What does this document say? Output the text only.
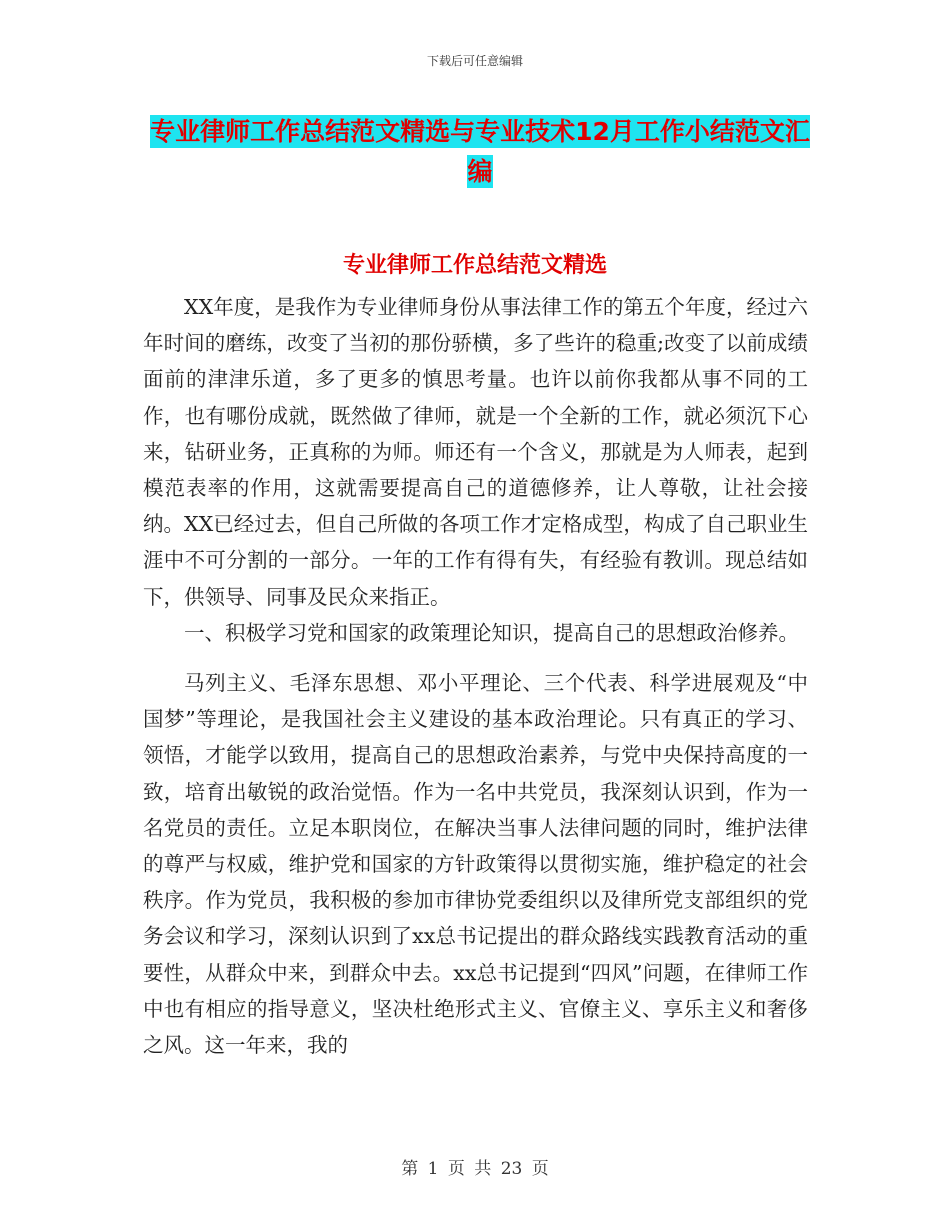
下载后可任意编辑
专业律师工作总结范文精选与专业技术12月工作小结范文汇编
专业律师工作总结范文精选

XX年度，是我作为专业律师身份从事法律工作的第五个年度，经过六年时间的磨练，改变了当初的那份骄横，多了些许的稳重;改变了以前成绩面前的津津乐道，多了更多的慎思考量。也许以前你我都从事不同的工作，也有哪份成就，既然做了律师，就是一个全新的工作，就必须沉下心来，钻研业务，正真称的为师。师还有一个含义，那就是为人师表，起到模范表率的作用，这就需要提高自己的道德修养，让人尊敬，让社会接纳。XX已经过去，但自己所做的各项工作才定格成型，构成了自己职业生涯中不可分割的一部分。一年的工作有得有失，有经验有教训。现总结如下，供领导、同事及民众来指正。

一、积极学习党和国家的政策理论知识，提高自己的思想政治修养。

马列主义、毛泽东思想、邓小平理论、三个代表、科学进展观及“中国梦”等理论，是我国社会主义建设的基本政治理论。只有真正的学习、领悟，才能学以致用，提高自己的思想政治素养，与党中央保持高度的一致，培育出敏锐的政治觉悟。作为一名中共党员，我深刻认识到，作为一名党员的责任。立足本职岗位，在解决当事人法律问题的同时，维护法律的尊严与权威，维护党和国家的方针政策得以贯彻实施，维护稳定的社会秩序。作为党员，我积极的参加市律协党委组织以及律所党支部组织的党务会议和学习，深刻认识到了xx总书记提出的群众路线实践教育活动的重要性，从群众中来，到群众中去。xx总书记提到“四风”问题，在律师工作中也有相应的指导意义，坚决杜绝形式主义、官僚主义、享乐主义和奢侈之风。这一年来，我的

第 1 页 共 23 页
